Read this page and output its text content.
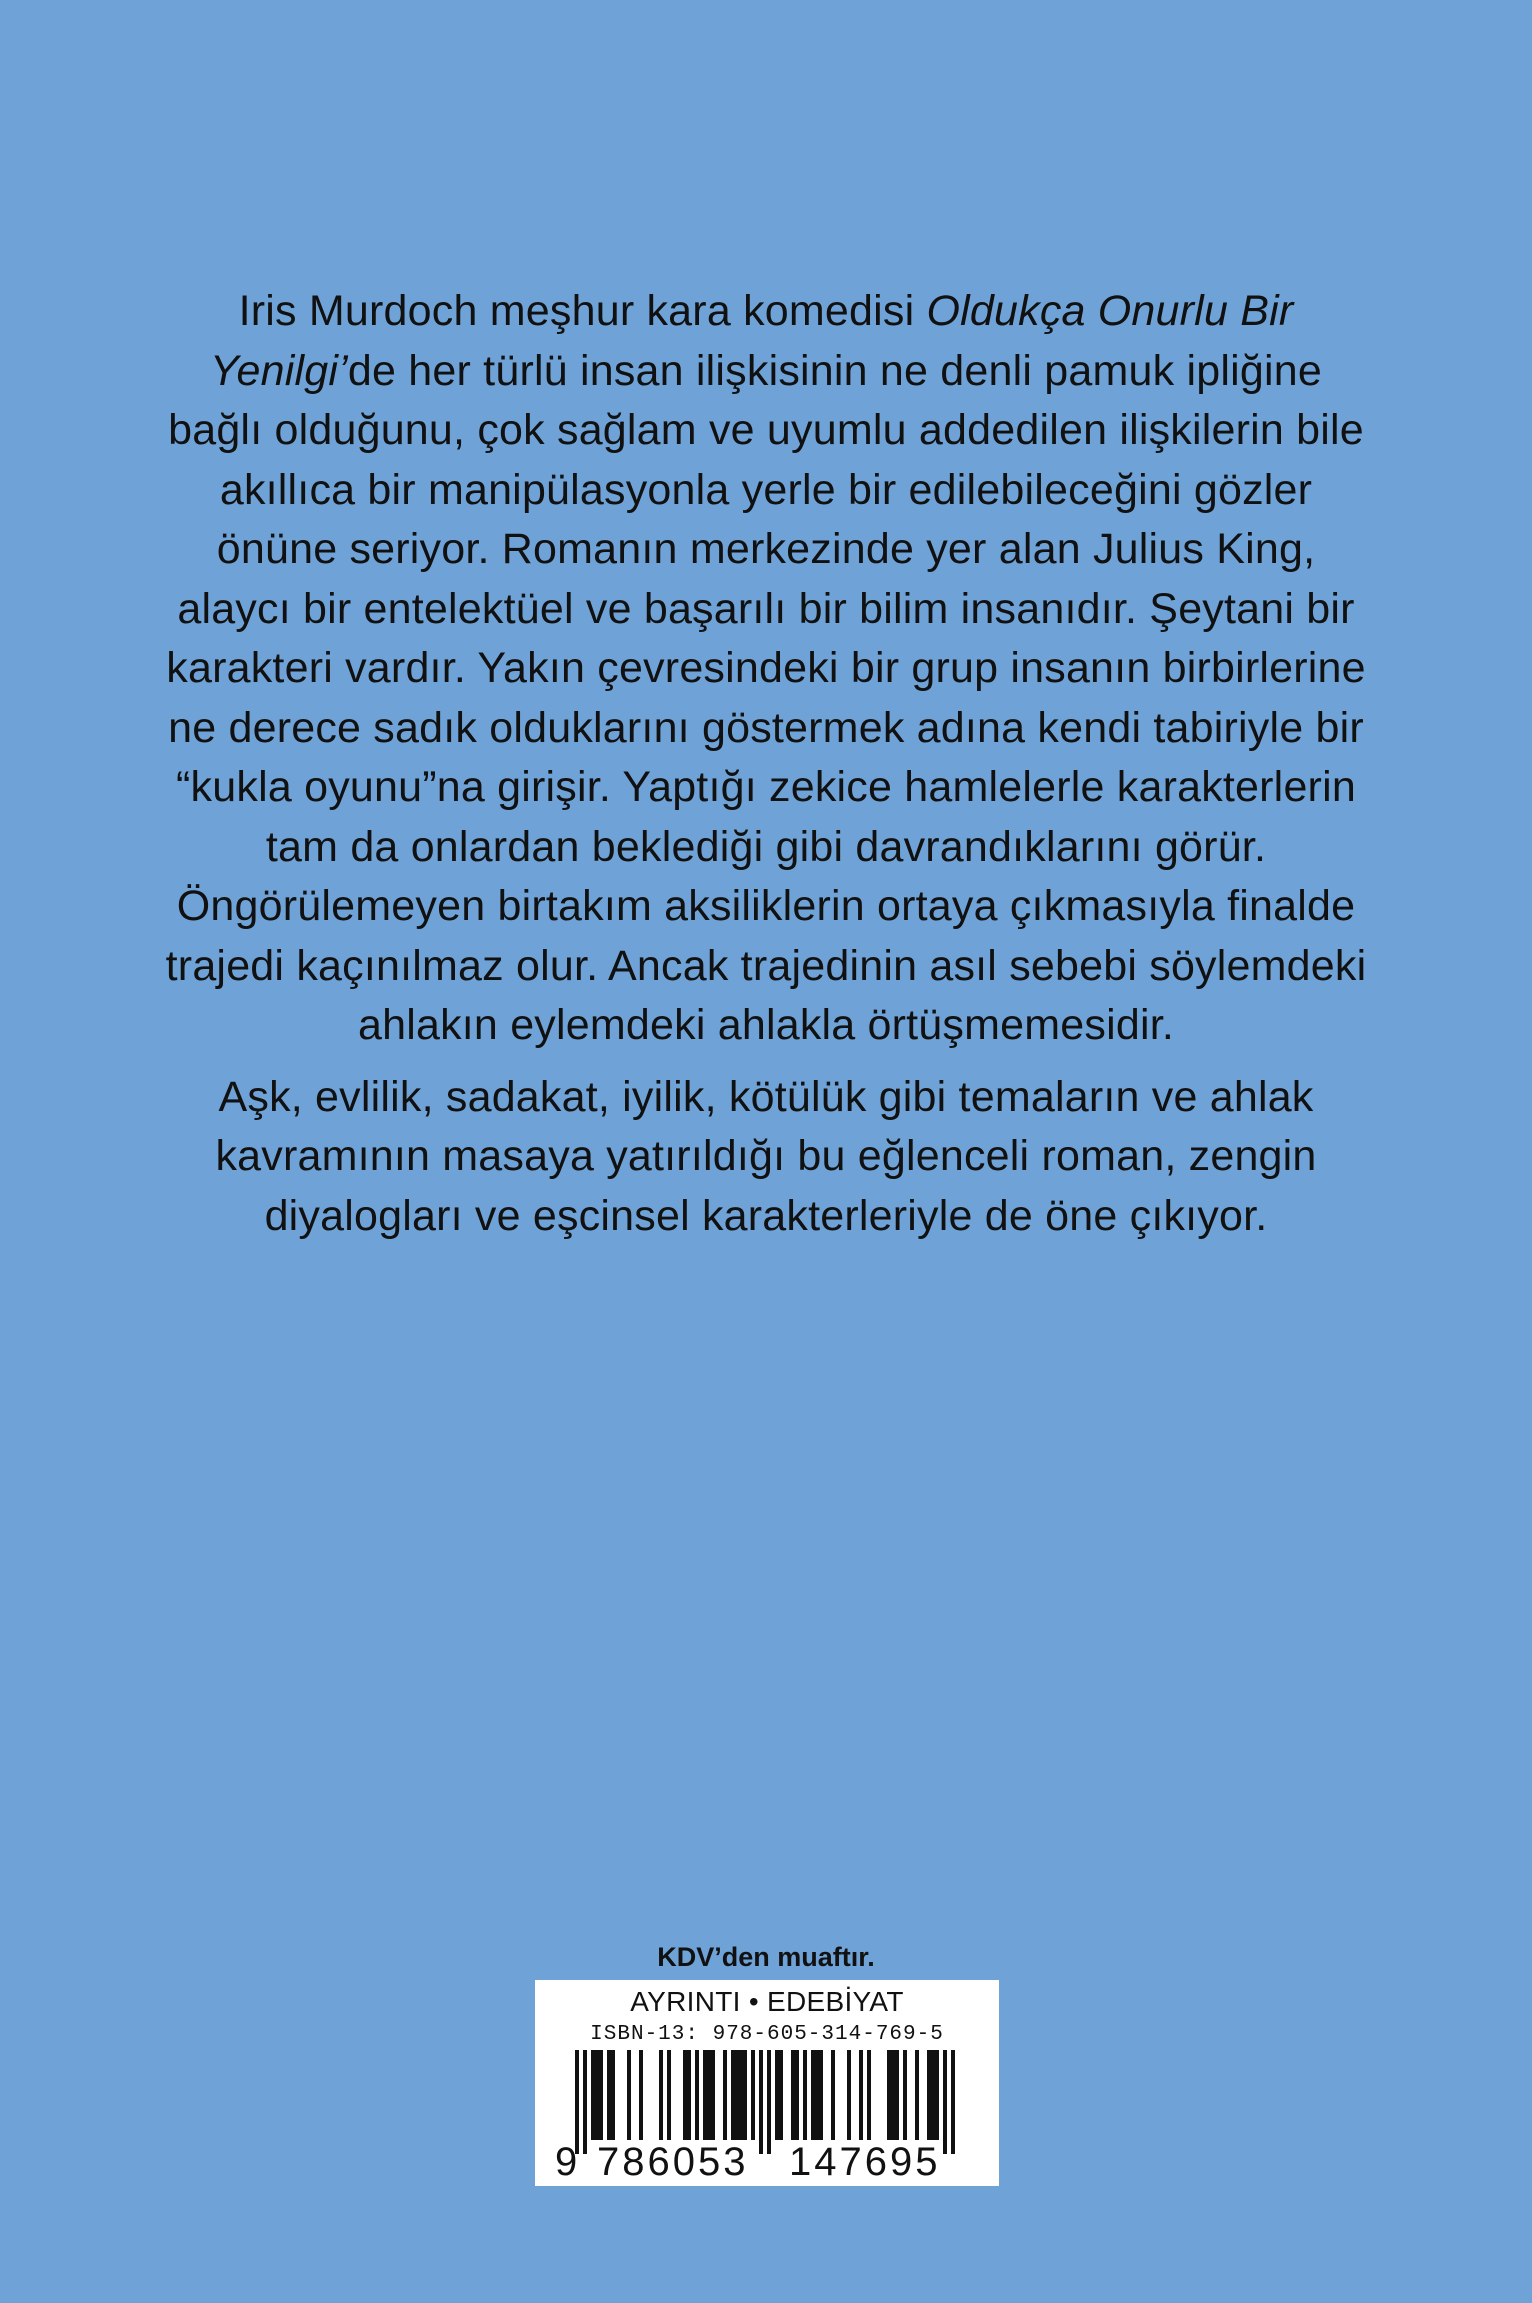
Iris Murdoch meşhur kara komedisi Oldukça Onurlu Bir Yenilgi’de her türlü insan ilişkisinin ne denli pamuk ipliğine bağlı olduğunu, çok sağlam ve uyumlu addedilen ilişkilerin bile akıllıca bir manipülasyonla yerle bir edilebileceğini gözler önüne seriyor. Romanın merkezinde yer alan Julius King, alaycı bir entelektüel ve başarılı bir bilim insanıdır. Şeytani bir karakteri vardır. Yakın çevresindeki bir grup insanın birbirlerine ne derece sadık olduklarını göstermek adına kendi tabiriyle bir “kukla oyunu”na girişir. Yaptığı zekice hamlelerle karakterlerin tam da onlardan beklediği gibi davrandıklarını görür. Öngörülemeyen birtakım aksiliklerin ortaya çıkmasıyla finalde trajedi kaçınılmaz olur. Ancak trajedinin asıl sebebi söylemdeki ahlakın eylemdeki ahlakla örtüşmemesidir.

Aşk, evlilik, sadakat, iyilik, kötülük gibi temaların ve ahlak kavramının masaya yatırıldığı bu eğlenceli roman, zengin diyalogları ve eşcinsel karakterleriyle de öne çıkıyor.

KDV’den muaftır.
AYRINTI • EDEBİYAT
ISBN-13: 978-605-314-769-5
9 786053 147695
